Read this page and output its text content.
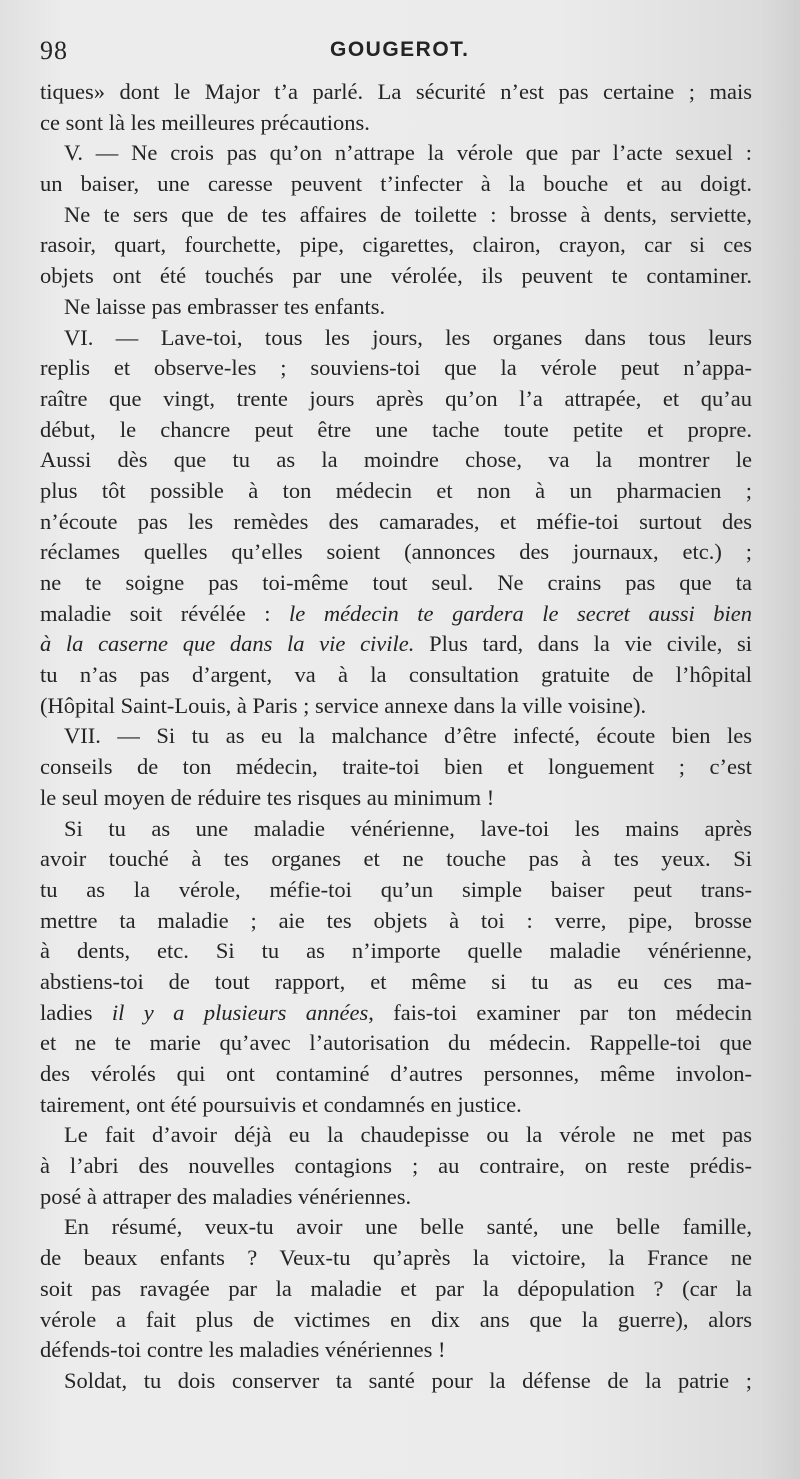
98	GOUGEROT.
tiques» dont le Major t’a parlé. La sécurité n’est pas certaine ; mais
ce sont là les meilleures précautions.
V. — Ne crois pas qu’on n’attrape la vérole que par l’acte sexuel :
un baiser, une caresse peuvent t’infecter à la bouche et au doigt.
Ne te sers que de tes affaires de toilette : brosse à dents, serviette,
rasoir, quart, fourchette, pipe, cigarettes, clairon, crayon, car si ces
objets ont été touchés par une vérolée, ils peuvent te contaminer.
Ne laisse pas embrasser tes enfants.
VI. — Lave-toi, tous les jours, les organes dans tous leurs
replis et observe-les ; souviens-toi que la vérole peut n’appa-
raître que vingt, trente jours après qu’on l’a attrapée, et qu’au
début, le chancre peut être une tache toute petite et propre.
Aussi dès que tu as la moindre chose, va la montrer le
plus tôt possible à ton médecin et non à un pharmacien ;
n’écoute pas les remèdes des camarades, et méfie-toi surtout des
réclames quelles qu’elles soient (annonces des journaux, etc.) ;
ne te soigne pas toi-même tout seul. Ne crains pas que ta
maladie soit révélée : le médecin te gardera le secret aussi bien
à la caserne que dans la vie civile. Plus tard, dans la vie civile, si
tu n’as pas d’argent, va à la consultation gratuite de l’hôpital
(Hôpital Saint-Louis, à Paris ; service annexe dans la ville voisine).
VII. — Si tu as eu la malchance d’être infecté, écoute bien les
conseils de ton médecin, traite-toi bien et longuement ; c’est
le seul moyen de réduire tes risques au minimum !
Si tu as une maladie vénérienne, lave-toi les mains après
avoir touché à tes organes et ne touche pas à tes yeux. Si
tu as la vérole, méfie-toi qu’un simple baiser peut trans-
mettre ta maladie ; aie tes objets à toi : verre, pipe, brosse
à dents, etc. Si tu as n’importe quelle maladie vénérienne,
abstiens-toi de tout rapport, et même si tu as eu ces ma-
ladies il y a plusieurs années, fais-toi examiner par ton médecin
et ne te marie qu’avec l’autorisation du médecin. Rappelle-toi que
des vérolés qui ont contaminé d’autres personnes, même involon-
tairement, ont été poursuivis et condamnés en justice.
Le fait d’avoir déjà eu la chaudepisse ou la vérole ne met pas
à l’abri des nouvelles contagions ; au contraire, on reste prédis-
posé à attraper des maladies vénériennes.
En résumé, veux-tu avoir une belle santé, une belle famille,
de beaux enfants ? Veux-tu qu’après la victoire, la France ne
soit pas ravagée par la maladie et par la dépopulation ? (car la
vérole a fait plus de victimes en dix ans que la guerre), alors
défends-toi contre les maladies vénériennes !
Soldat, tu dois conserver ta santé pour la défense de la patrie ;
